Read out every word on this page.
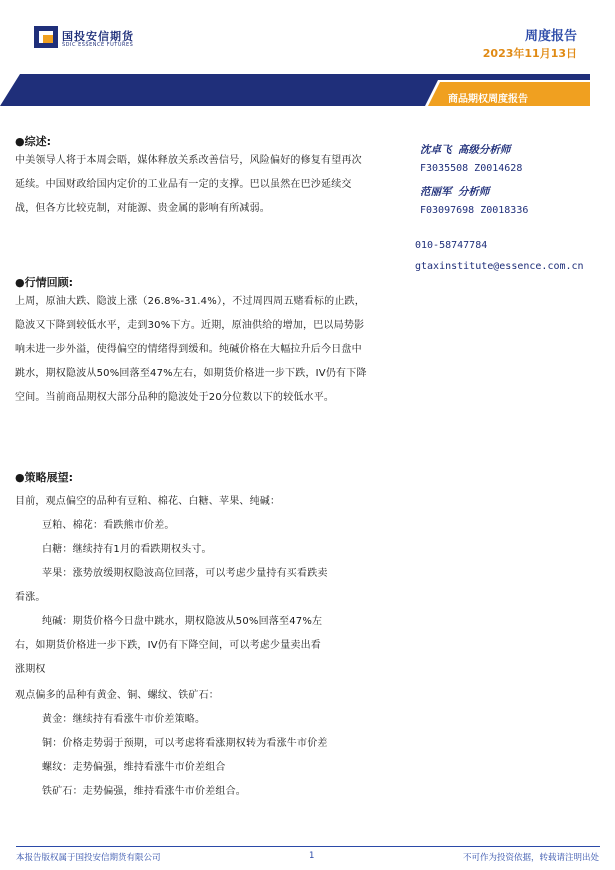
国投安信期货
SDIC ESSENCE FUTURES
周度报告
2023年11月13日
商品期权周度报告
沈卓飞 高级分析师
F3035508 Z0014628
范丽军 分析师
F03097698 Z0018336
010-58747784
gtaxinstitute@essence.com.cn
●综述:

中美领导人将于本周会晤，媒体释放关系改善信号，风险偏好的修复有望再次延续。中国财政给国内定价的工业品有一定的支撑。巴以虽然在巴沙延续交战，但各方比较克制，对能源、贵金属的影响有所减弱。

●行情回顾:

上周，原油大跌、隐波上涨（26.8%-31.4%），不过周四周五赌看标的止跌，隐波又下降到较低水平，走到30%下方。近期，原油供给的增加，巴以局势影响未进一步外溢，使得偏空的情绪得到缓和。纯碱价格在大幅拉升后今日盘中跳水，期权隐波从50%回落至47%左右，如期货价格进一步下跌，IV仍有下降空间。当前商品期权大部分品种的隐波处于20分位数以下的较低水平。

●策略展望:
目前，观点偏空的品种有豆粕、棉花、白糖、苹果、纯碱：
豆粕、棉花：看跌熊市价差。
白糖：继续持有1月的看跌期权头寸。
苹果：涨势放缓期权隐波高位回落，可以考虑少量持有买看跌卖
看涨。
纯碱：期货价格今日盘中跳水，期权隐波从50%回落至47%左
右，如期货价格进一步下跌，IV仍有下降空间，可以考虑少量卖出看
涨期权
观点偏多的品种有黄金、铜、螺纹、铁矿石：
黄金：继续持有看涨牛市价差策略。
铜：价格走势弱于预期，可以考虑将看涨期权转为看涨牛市价差
螺纹：走势偏强，维持看涨牛市价差组合
铁矿石：走势偏强，维持看涨牛市价差组合。
本报告版权属于国投安信期货有限公司	1	不可作为投资依据，转载请注明出处
